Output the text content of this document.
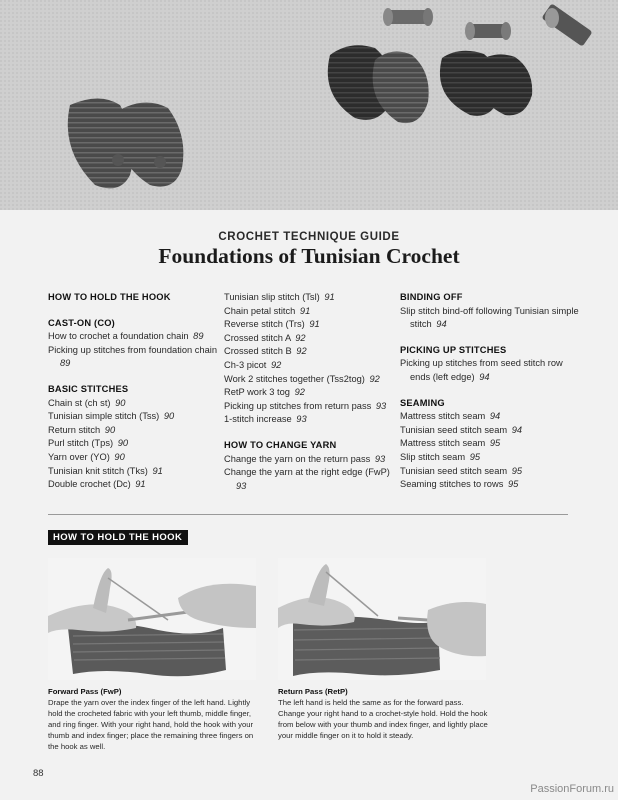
CROCHET TECHNIQUE GUIDE
Foundations of Tunisian Crochet
HOW TO HOLD THE HOOK
CAST-ON (CO)
How to crochet a foundation chain 89
Picking up stitches from foundation chain 89
BASIC STITCHES
Chain st (ch st) 90
Tunisian simple stitch (Tss) 90
Return stitch 90
Purl stitch (Tps) 90
Yarn over (YO) 90
Tunisian knit stitch (Tks) 91
Double crochet (Dc) 91
Tunisian slip stitch (Tsl) 91
Chain petal stitch 91
Reverse stitch (Trs) 91
Crossed stitch A 92
Crossed stitch B 92
Ch-3 picot 92
Work 2 stitches together (Tss2tog) 92
RetP work 3 tog 92
Picking up stitches from return pass 93
1-stitch increase 93
HOW TO CHANGE YARN
Change the yarn on the return pass 93
Change the yarn at the right edge (FwP) 93
BINDING OFF
Slip stitch bind-off following Tunisian simple stitch 94
PICKING UP STITCHES
Picking up stitches from seed stitch row ends (left edge) 94
SEAMING
Mattress stitch seam 94
Tunisian seed stitch seam 94
Mattress stitch seam 95
Slip stitch seam 95
Tunisian seed stitch seam 95
Seaming stitches to rows 95
HOW TO HOLD THE HOOK
Forward Pass (FwP)
Drape the yarn over the index finger of the left hand. Lightly hold the crocheted fabric with your left thumb, middle finger, and ring finger. With your right hand, hold the hook with your thumb and index finger; place the remaining three fingers on the hook as well.
Return Pass (RetP)
The left hand is held the same as for the forward pass. Change your right hand to a crochet-style hold. Hold the hook from below with your thumb and index finger, and lightly place your middle finger on it to hold it steady.
88
PassionForum.ru
